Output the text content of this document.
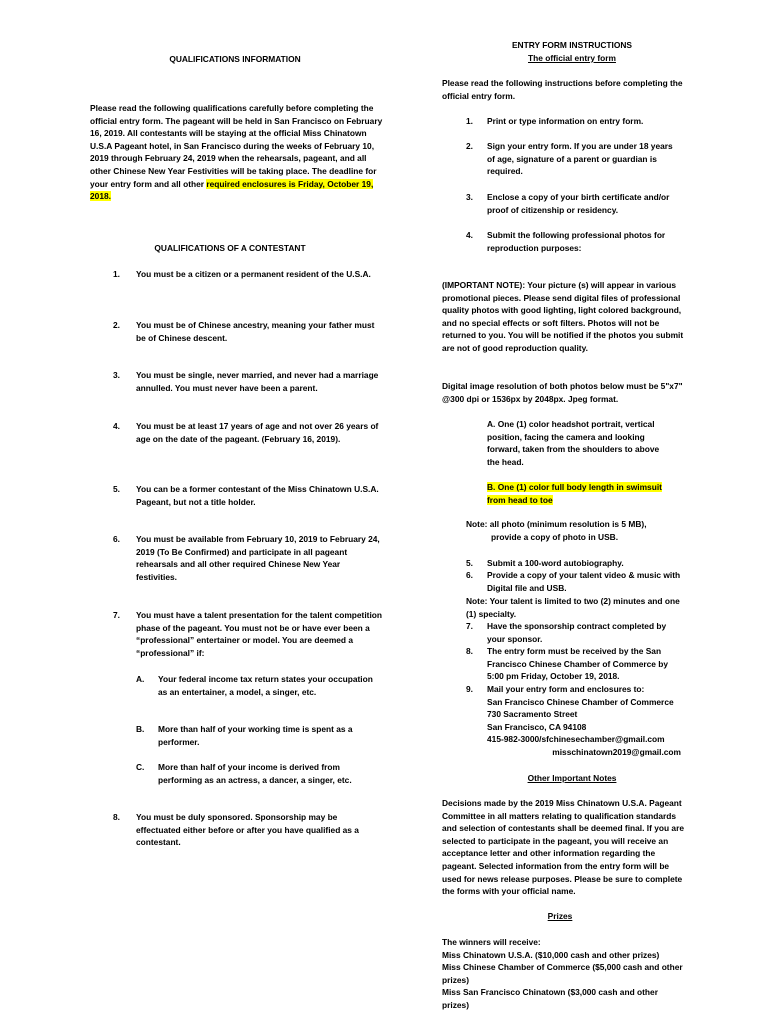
QUALIFICATIONS INFORMATION
Please read the following qualifications carefully before completing the official entry form. The pageant will be held in San Francisco on February 16, 2019. All contestants will be staying at the official Miss Chinatown U.S.A Pageant hotel, in San Francisco during the weeks of February 10, 2019 through February 24, 2019 when the rehearsals, pageant, and all other Chinese New Year Festivities will be taking place. The deadline for your entry form and all other required enclosures is Friday, October 19, 2018.
QUALIFICATIONS OF A CONTESTANT
1. You must be a citizen or a permanent resident of the U.S.A.
2. You must be of Chinese ancestry, meaning your father must be of Chinese descent.
3. You must be single, never married, and never had a marriage annulled. You must never have been a parent.
4. You must be at least 17 years of age and not over 26 years of age on the date of the pageant. (February 16, 2019).
5. You can be a former contestant of the Miss Chinatown U.S.A. Pageant, but not a title holder.
6. You must be available from February 10, 2019 to February 24, 2019 (To Be Confirmed) and participate in all pageant rehearsals and all other required Chinese New Year festivities.
7. You must have a talent presentation for the talent competition phase of the pageant. You must not be or have ever been a “professional” entertainer or model. You are deemed a “professional” if:
A. Your federal income tax return states your occupation as an entertainer, a model, a singer, etc.
B. More than half of your working time is spent as a performer.
C. More than half of your income is derived from performing as an actress, a dancer, a singer, etc.
8. You must be duly sponsored. Sponsorship may be effectuated either before or after you have qualified as a contestant.
ENTRY FORM INSTRUCTIONS
The official entry form
Please read the following instructions before completing the official entry form.
1. Print or type information on entry form.
2. Sign your entry form. If you are under 18 years of age, signature of a parent or guardian is required.
3. Enclose a copy of your birth certificate and/or proof of citizenship or residency.
4. Submit the following professional photos for reproduction purposes:
(IMPORTANT NOTE): Your picture (s) will appear in various promotional pieces. Please send digital files of professional quality photos with good lighting, light colored background, and no special effects or soft filters. Photos will not be returned to you. You will be notified if the photos you submit are not of good reproduction quality.
Digital image resolution of both photos below must be 5"x7" @300 dpi or 1536px by 2048px. Jpeg format.
A. One (1) color headshot portrait, vertical position, facing the camera and looking forward, taken from the shoulders to above the head.
B. One (1) color full body length in swimsuit from head to toe
Note: all photo (minimum resolution is 5 MB),
provide a copy of photo in USB.
5. Submit a 100-word autobiography.
6. Provide a copy of your talent video & music with Digital file and USB.
Note: Your talent is limited to two (2) minutes and one (1) specialty.
7. Have the sponsorship contract completed by your sponsor.
8. The entry form must be received by the San Francisco Chinese Chamber of Commerce by 5:00 pm Friday, October 19, 2018.
9. Mail your entry form and enclosures to:
San Francisco Chinese Chamber of Commerce
730 Sacramento Street
San Francisco, CA 94108
415-982-3000/sfchinesechamber@gmail.com
misschinatown2019@gmail.com
Other Important Notes
Decisions made by the 2019 Miss Chinatown U.S.A. Pageant Committee in all matters relating to qualification standards and selection of contestants shall be deemed final. If you are selected to participate in the pageant, you will receive an acceptance letter and other information regarding the pageant. Selected information from the entry form will be used for news release purposes. Please be sure to complete the forms with your official name.
Prizes
The winners will receive:
Miss Chinatown U.S.A. ($10,000 cash and other prizes)
Miss Chinese Chamber of Commerce ($5,000 cash and other prizes)
Miss San Francisco Chinatown ($3,000 cash and other prizes)
